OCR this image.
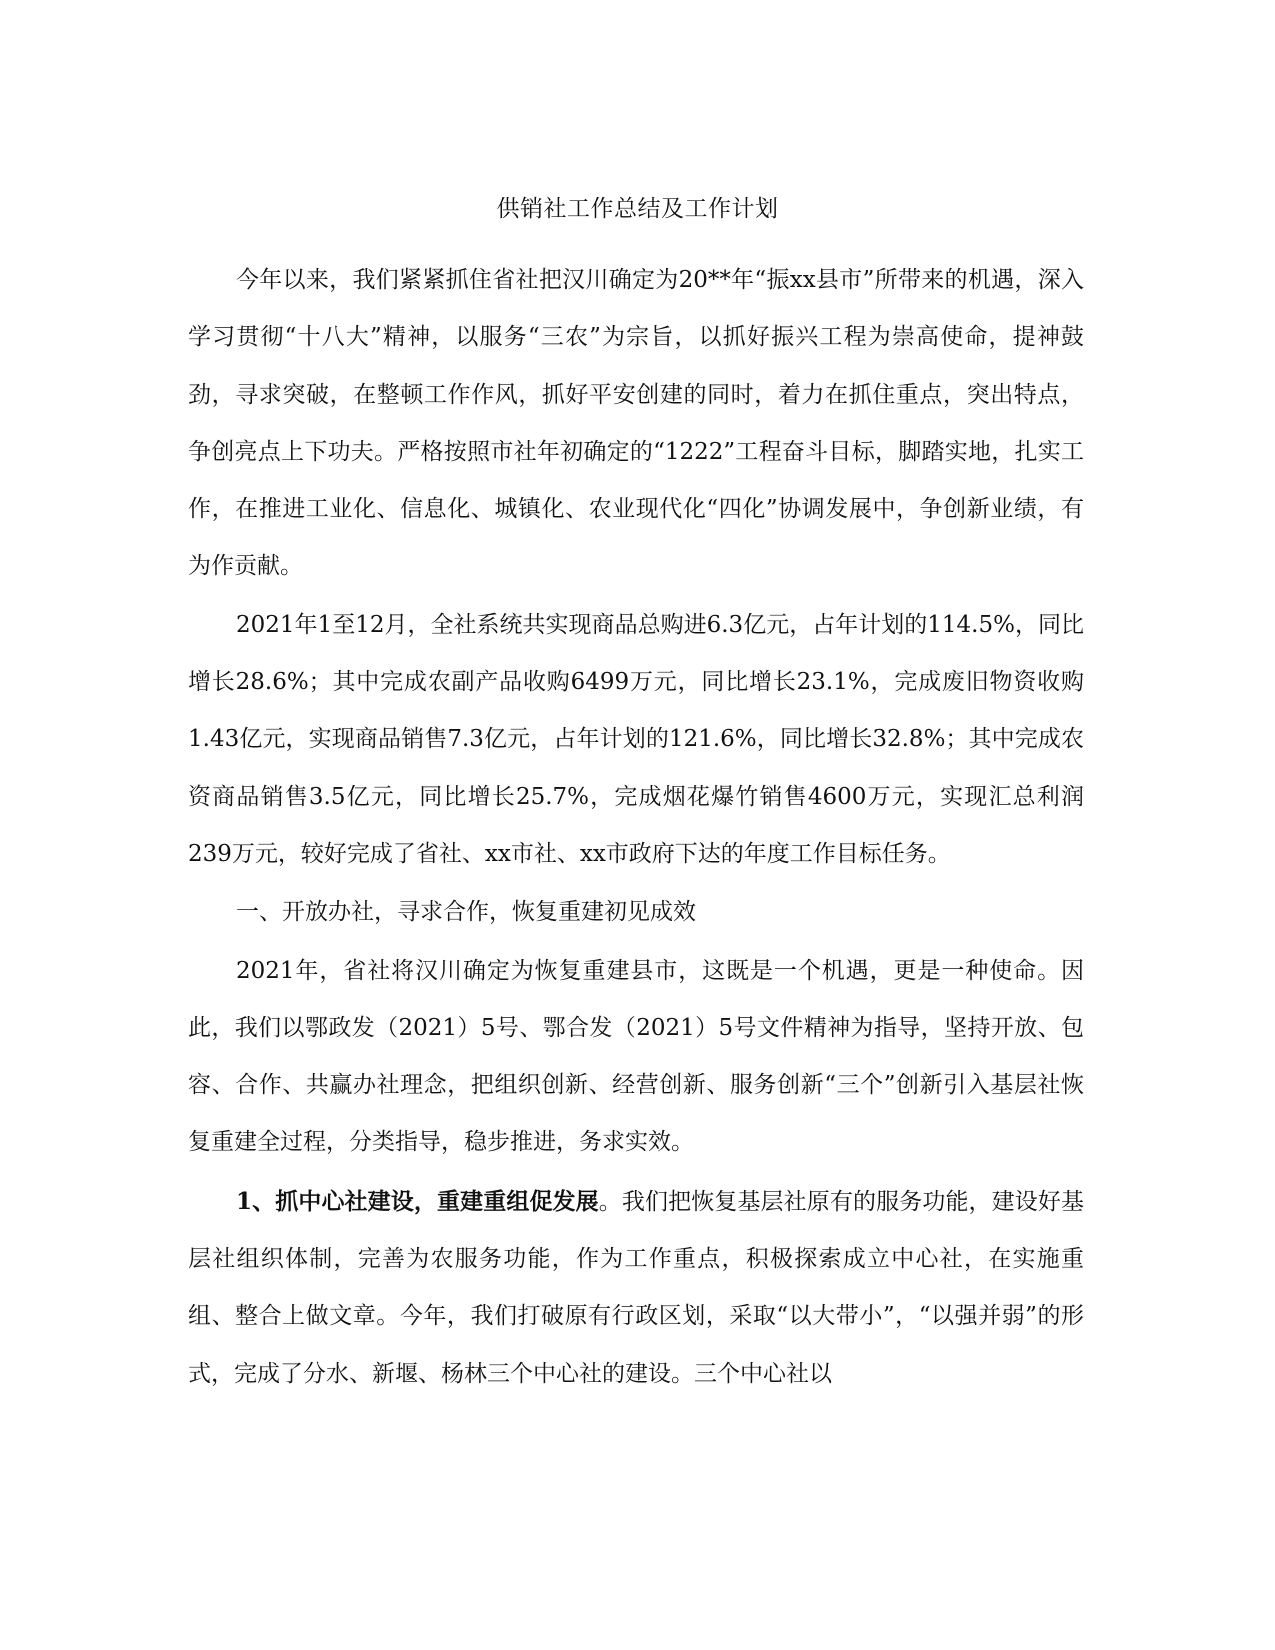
供销社工作总结及工作计划

今年以来，我们紧紧抓住省社把汉川确定为20**年“振xx县市”所带来的机遇，深入学习贯彻“十八大”精神，以服务“三农”为宗旨，以抓好振兴工程为崇高使命，提神鼓劲，寻求突破，在整顿工作作风，抓好平安创建的同时，着力在抓住重点，突出特点，争创亮点上下功夫。严格按照市社年初确定的“1222”工程奋斗目标，脚踏实地，扎实工作，在推进工业化、信息化、城镇化、农业现代化“四化”协调发展中，争创新业绩，有为作贡献。

2021年1至12月，全社系统共实现商品总购进6.3亿元，占年计划的114.5%，同比增长28.6%；其中完成农副产品收购6499万元，同比增长23.1%，完成废旧物资收购1.43亿元，实现商品销售7.3亿元，占年计划的121.6%，同比增长32.8%；其中完成农资商品销售3.5亿元，同比增长25.7%，完成烟花爆竹销售4600万元，实现汇总利润239万元，较好完成了省社、xx市社、xx市政府下达的年度工作目标任务。

一、开放办社，寻求合作，恢复重建初见成效

2021年，省社将汉川确定为恢复重建县市，这既是一个机遇，更是一种使命。因此，我们以鄂政发（2021）5号、鄂合发（2021）5号文件精神为指导，坚持开放、包容、合作、共赢办社理念，把组织创新、经营创新、服务创新“三个”创新引入基层社恢复重建全过程，分类指导，稳步推进，务求实效。

1、抓中心社建设，重建重组促发展。我们把恢复基层社原有的服务功能，建设好基层社组织体制，完善为农服务功能，作为工作重点，积极探索成立中心社，在实施重组、整合上做文章。今年，我们打破原有行政区划，采取“以大带小”，“以强并弱”的形式，完成了分水、新堰、杨林三个中心社的建设。三个中心社以
